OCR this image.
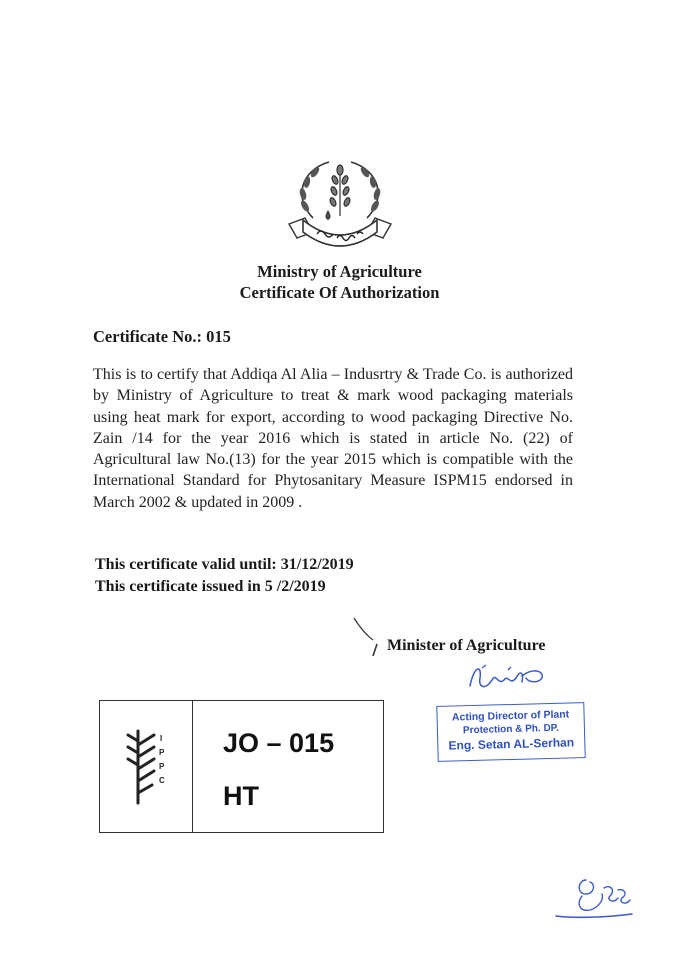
Ministry of Agriculture
Certificate Of Authorization
Certificate No.: 015
This is to certify that Addiqa Al Alia – Indusrtry & Trade Co. is authorized by Ministry of Agriculture to treat & mark wood packaging materials using heat mark for export, according to wood packaging Directive No. Zain /14 for the year 2016 which is stated in article No. (22) of Agricultural law No.(13) for the year 2015 which is compatible with the International Standard for Phytosanitary Measure ISPM15 endorsed in March 2002 & updated in 2009 .
This certificate valid until: 31/12/2019
This certificate issued in 5 /2/2019
Minister of Agriculture
Acting Director of Plant
Protection & Ph. DP.
Eng. Setan AL-Serhan
I
P
P
C
JO – 015
HT
